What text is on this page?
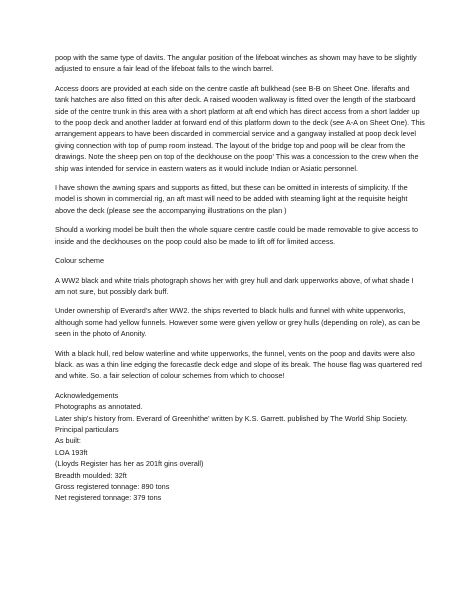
poop with the same type of davits. The angular position of the lifeboat winches as shown may have to be slightly adjusted to ensure a fair lead of the lifeboat falls to the winch barrel.

Access doors are provided at each side on the centre castle aft bulkhead (see B-B on Sheet One. liferafts and tank hatches are also fitted on this after deck. A raised wooden walkway is fitted over the length of the starboard side of the centre trunk in this area with a short platform at aft end which has direct access from a short ladder up to the poop deck and another ladder at forward end of this platform down to the deck (see A-A on Sheet One). This arrangement appears to have been discarded in commercial service and a gangway installed at poop deck level giving connection with top of pump room instead. The layout of the bridge top and poop will be clear from the drawings. Note the sheep pen on top of the deckhouse on the poop' This was a concession to the crew when the ship was intended for service in eastern waters as it would include Indian or Asiatic personnel.

I have shown the awning spars and supports as fitted, but these can be omitted in interests of simplicity. If the model is shown in commercial rig, an aft mast will need to be added with steaming light at the requisite height above the deck (please see the accompanying illustrations on the plan )

Should a working model be built then the whole square centre castle could be made removable to give access to inside and the deckhouses on the poop could also be made to lift off for limited access.

Colour scheme

A WW2 black and white trials photograph shows her with grey hull and dark upperworks above, of what shade I am not sure, but possibly dark buff.

Under ownership of Everard's after WW2. the ships reverted to black hulls and funnel with white upperworks, although some had yellow funnels. However some were given yellow or grey hulls (depending on role), as can be seen in the photo of Anonity.

With a black hull, red below waterline and white upperworks, the funnel, vents on the poop and davits were also black. as was a thin line edging the forecastle deck edge and slope of its break. The house flag was quartered red and white. So. a fair selection of colour schemes from which to choose!

Acknowledgements
Photographs as annotated.
Later ship's history from. Everard of Greenhithe' written by K.S. Garrett. published by The World Ship Society.
Principal particulars
As built:
LOA 193ft
(Lloyds Register has her as 201ft gins overall)
Breadth moulded: 32ft
Gross registered tonnage: 890 tons
Net registered tonnage: 379 tons
